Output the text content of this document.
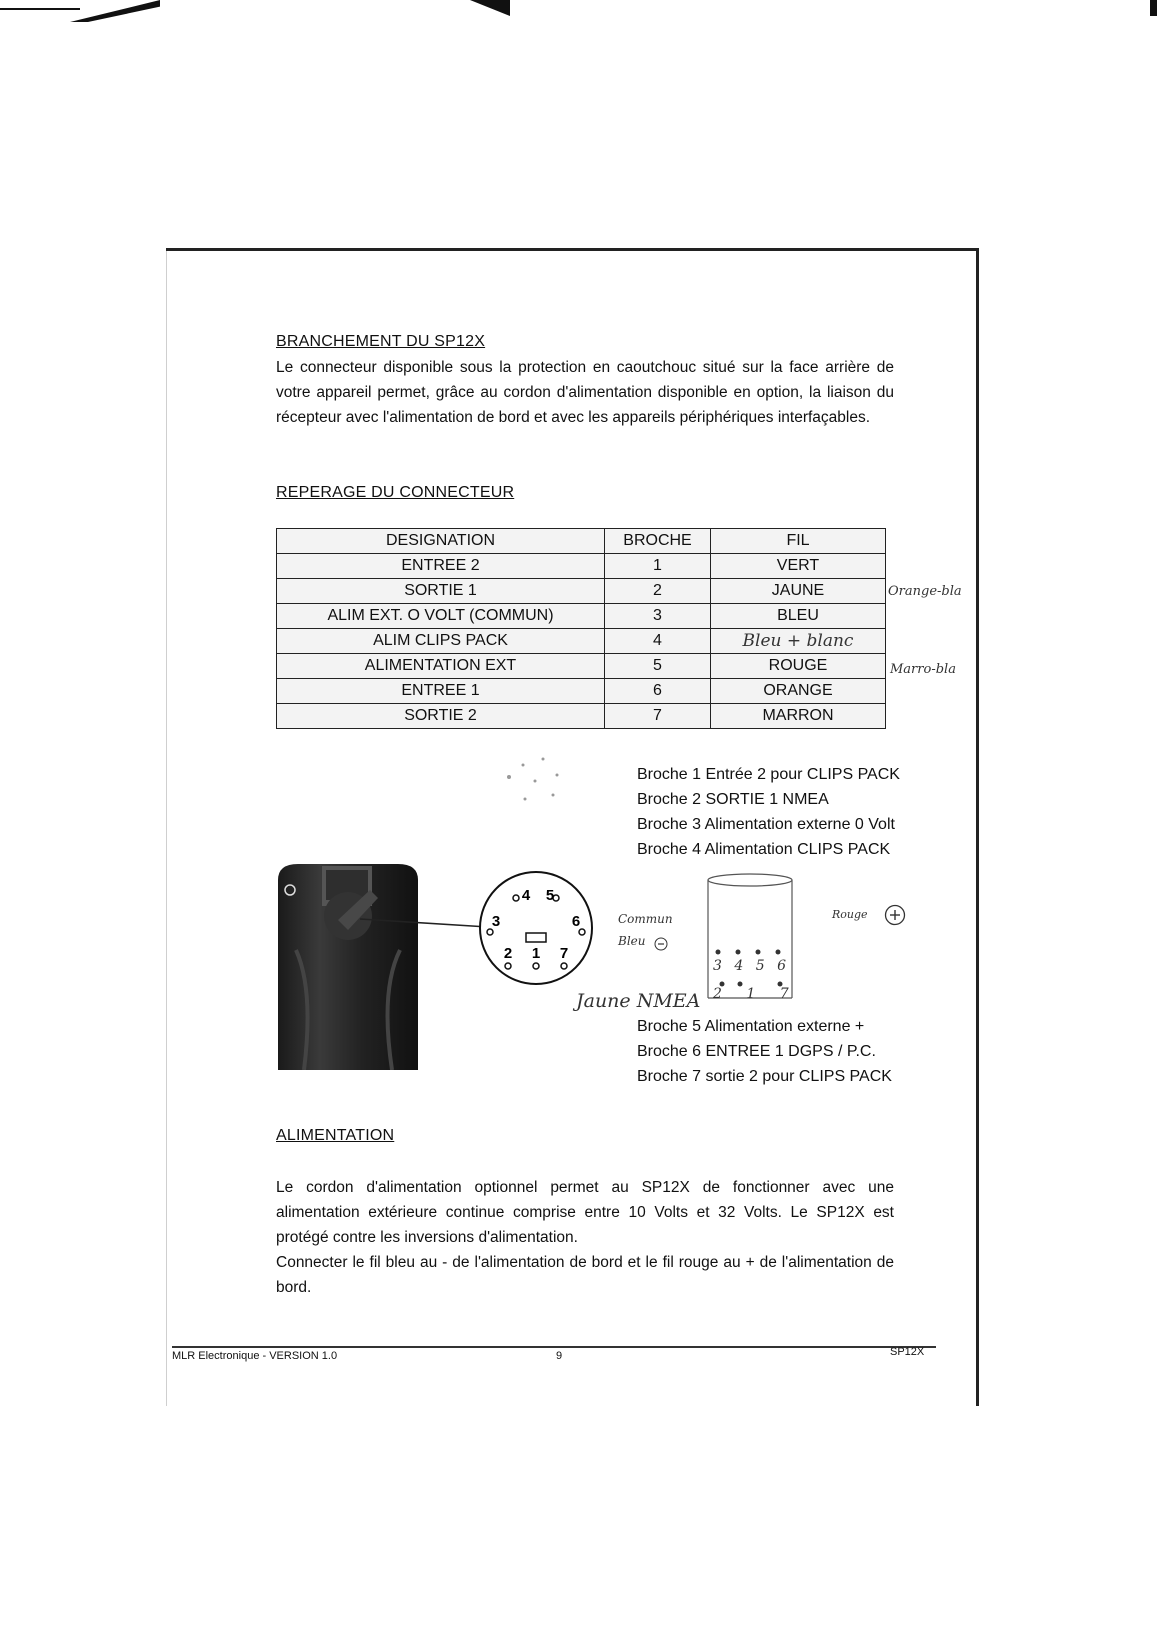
BRANCHEMENT DU SP12X

Le connecteur disponible sous la protection en caoutchouc situé sur la face arrière de votre appareil permet, grâce au cordon d'alimentation disponible en option, la liaison du récepteur avec l'alimentation de bord et avec les appareils périphériques interfaçables.

REPERAGE DU CONNECTEUR
DESIGNATION	BROCHE	FIL
ENTREE 2	1	VERT
SORTIE 1	2	JAUNE
ALIM EXT. O VOLT (COMMUN)	3	BLEU
ALIM CLIPS PACK	4	Bleu + blanc
ALIMENTATION EXT	5	ROUGE
ENTREE 1	6	ORANGE
SORTIE 2	7	MARRON
Orange-bla
Marro-bla
1
2
3
4 5
6
7
Broche 1 Entrée 2 pour CLIPS PACK
Broche 2 SORTIE 1 NMEA
Broche 3 Alimentation externe 0 Volt
Broche 4 Alimentation CLIPS PACK
3 4 5 6
2 1 7
Commun
Bleu
Rouge
Jaune NMEA
Broche 5 Alimentation externe +
Broche 6 ENTREE 1 DGPS / P.C.
Broche 7 sortie 2 pour CLIPS PACK
ALIMENTATION

Le cordon d'alimentation optionnel permet au SP12X de fonctionner avec une alimentation extérieure continue comprise entre 10 Volts et 32 Volts. Le SP12X est protégé contre les inversions d'alimentation.

Connecter le fil bleu au - de l'alimentation de bord et le fil rouge au + de l'alimentation de bord.

MLR Electronique - VERSION 1.0	9	SP12X
